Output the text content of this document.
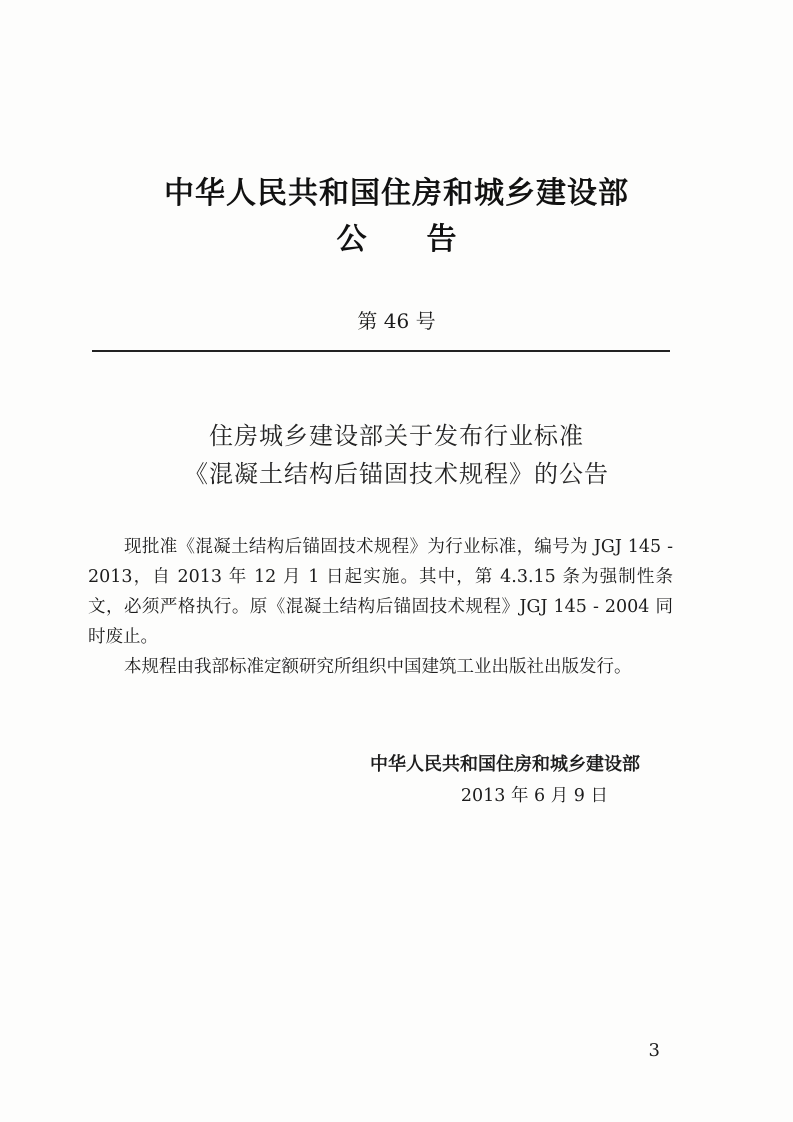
中华人民共和国住房和城乡建设部
公告
第 46 号
住房城乡建设部关于发布行业标准
《混凝土结构后锚固技术规程》的公告

现批准《混凝土结构后锚固技术规程》为行业标准，编号为 JGJ 145 - 2013，自 2013 年 12 月 1 日起实施。其中，第 4.3.15 条为强制性条文，必须严格执行。原《混凝土结构后锚固技术规程》JGJ 145 - 2004 同时废止。

本规程由我部标准定额研究所组织中国建筑工业出版社出版发行。

中华人民共和国住房和城乡建设部
2013 年 6 月 9 日
3
